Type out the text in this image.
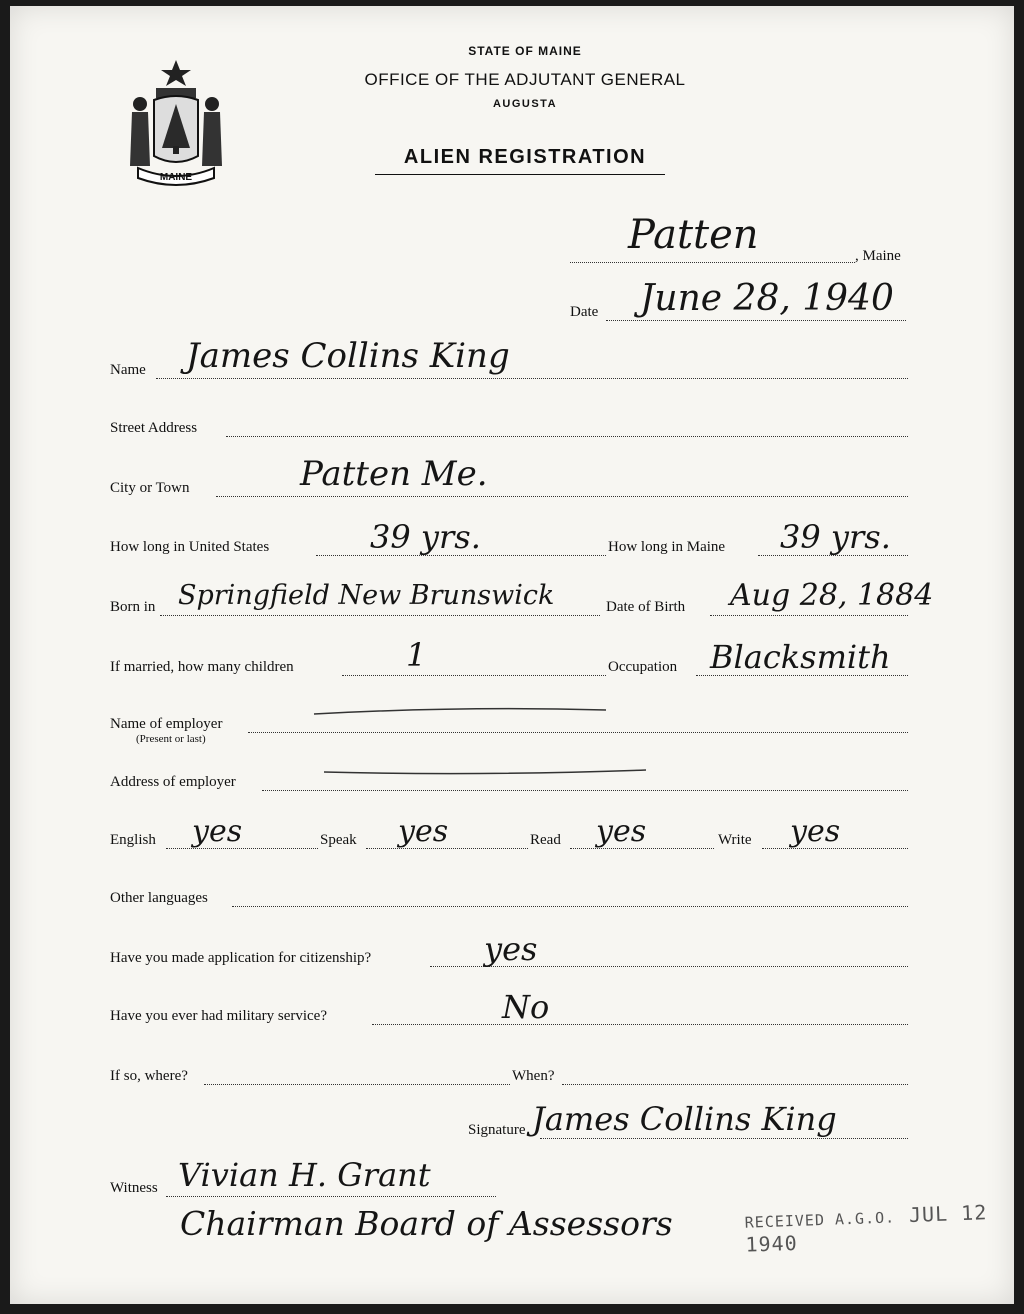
MAINE
STATE OF MAINE
OFFICE OF THE ADJUTANT GENERAL
AUGUSTA
ALIEN REGISTRATION
Patten	, Maine
Date June 28, 1940
Name James Collins King
Street Address
City or Town	Patten Me.
How long in United States	39 yrs.	How long in Maine 39 yrs.
Born in Springfield New Brunswick	Date of Birth Aug 28, 1884
If married, how many children	1	Occupation Blacksmith
Name of employer
(Present or last)
Address of employer
English yes	Speak yes	Read yes	Write yes
Other languages
Have you made application for citizenship?	yes
Have you ever had military service?	No
If so, where?	When?
Signature James Collins King
Witness Vivian H. Grant
Chairman Board of Assessors	RECEIVED A.G.O. JUL 12 1940
